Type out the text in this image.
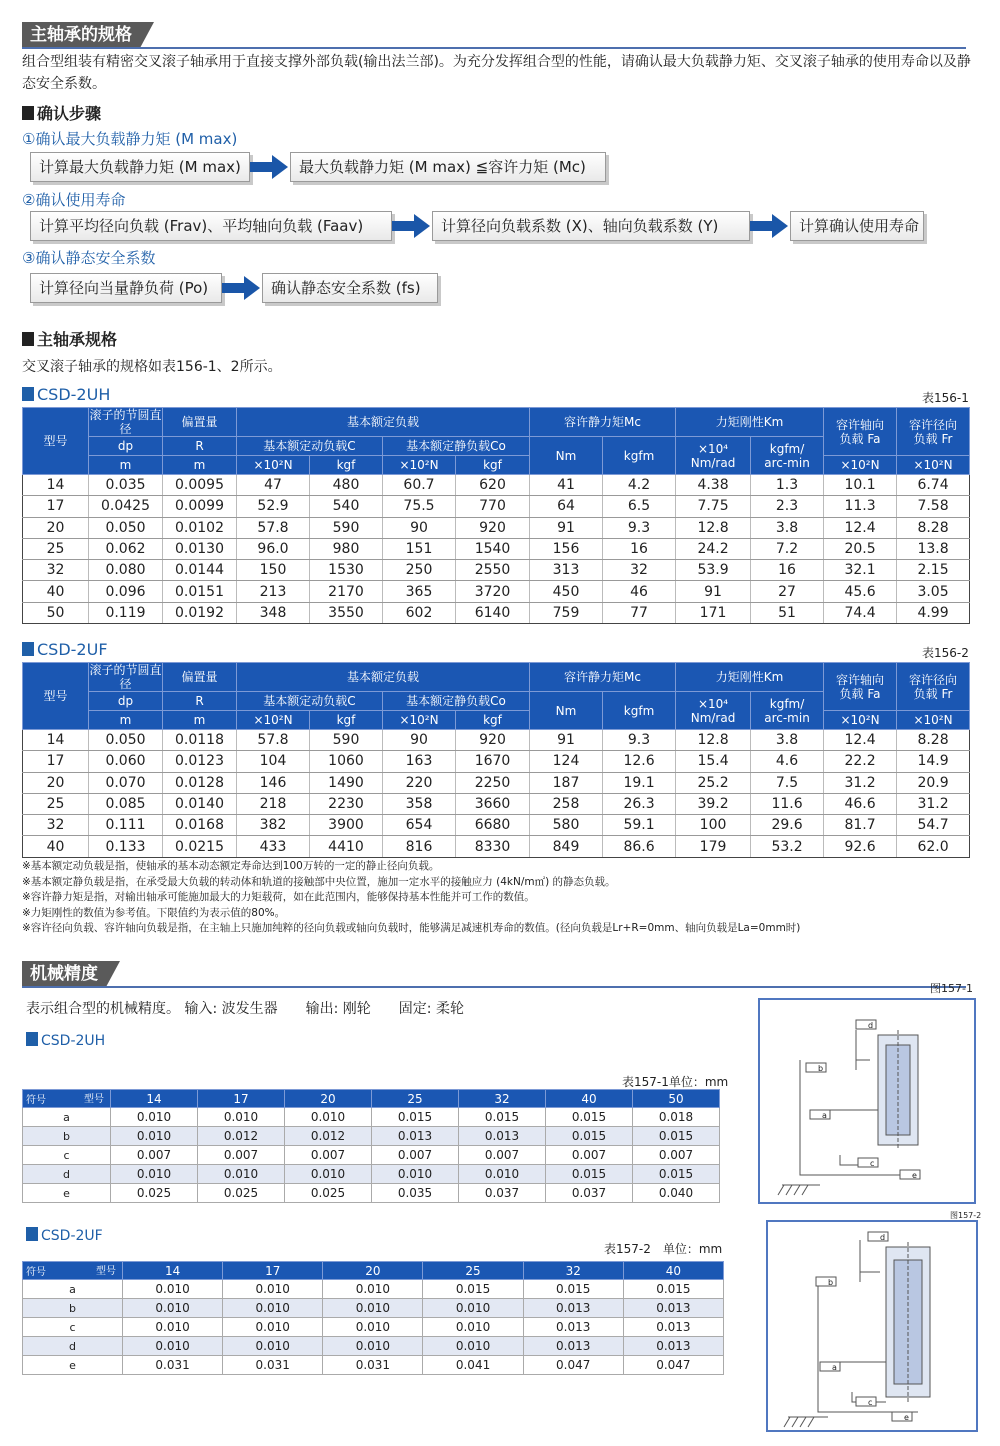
主轴承的规格
组合型组装有精密交叉滚子轴承用于直接支撑外部负载(输出法兰部)。为充分发挥组合型的性能，请确认最大负载静力矩、交叉滚子轴承的使用寿命以及静态安全系数。
确认步骤
①确认最大负载静力矩 (M max)
计算最大负载静力矩 (M max)	最大负载静力矩 (M max) ≦容许力矩 (Mc)
②确认使用寿命
计算平均径向负载 (Frav)、平均轴向负载 (Faav)	计算径向负载系数 (X)、轴向负载系数 (Y)	计算确认使用寿命
③确认静态安全系数
计算径向当量静负荷 (Po)	确认静态安全系数 (fs)
主轴承规格
交叉滚子轴承的规格如表156-1、2所示。
CSD-2UH	表156-1
型号	滚子的节圆直径	偏置量	基本额定负载				容许静力矩Mc		力矩刚性Km		容许轴向
负载 Fa	容许径向
负载 Fr
	dp	R	基本额定动负载C		基本额定静负载Co		Nm	kgfm	×10⁴
Nm/rad	kgfm/
arc-min		
	m	m	×10²N	kgf	×10²N	kgf					×10²N	×10²N
14	0.035	0.0095	47	480	60.7	620	41	4.2	4.38	1.3	10.1	6.74
17	0.0425	0.0099	52.9	540	75.5	770	64	6.5	7.75	2.3	11.3	7.58
20	0.050	0.0102	57.8	590	90	920	91	9.3	12.8	3.8	12.4	8.28
25	0.062	0.0130	96.0	980	151	1540	156	16	24.2	7.2	20.5	13.8
32	0.080	0.0144	150	1530	250	2550	313	32	53.9	16	32.1	2.15
40	0.096	0.0151	213	2170	365	3720	450	46	91	27	45.6	3.05
50	0.119	0.0192	348	3550	602	6140	759	77	171	51	74.4	4.99
CSD-2UF	表156-2
型号	滚子的节圆直径	偏置量	基本额定负载				容许静力矩Mc		力矩刚性Km		容许轴向
负载 Fa	容许径向
负载 Fr
	dp	R	基本额定动负载C		基本额定静负载Co		Nm	kgfm	×10⁴
Nm/rad	kgfm/
arc-min		
	m	m	×10²N	kgf	×10²N	kgf					×10²N	×10²N
14	0.050	0.0118	57.8	590	90	920	91	9.3	12.8	3.8	12.4	8.28
17	0.060	0.0123	104	1060	163	1670	124	12.6	15.4	4.6	22.2	14.9
20	0.070	0.0128	146	1490	220	2250	187	19.1	25.2	7.5	31.2	20.9
25	0.085	0.0140	218	2230	358	3660	258	26.3	39.2	11.6	46.6	31.2
32	0.111	0.0168	382	3900	654	6680	580	59.1	100	29.6	81.7	54.7
40	0.133	0.0215	433	4410	816	8330	849	86.6	179	53.2	92.6	62.0
※基本额定动负载是指，使轴承的基本动态额定寿命达到100万转的一定的静止径向负载。
※基本额定静负载是指，在承受最大负载的转动体和轨道的接触部中央位置，施加一定水平的接触应力 (4kN/m㎡) 的静态负载。
※容许静力矩是指，对输出轴承可能施加最大的力矩载荷，如在此范围内，能够保持基本性能并可工作的数值。
※力矩刚性的数值为参考值。下限值约为表示值的80%。
※容许径向负载、容许轴向负载是指，在主轴上只施加纯粹的径向负载或轴向负载时，能够满足减速机寿命的数值。(径向负载是Lr+R=0mm、轴向负载是La=0mm时)
机械精度
表示组合型的机械精度。 输入: 波发生器　　输出: 刚轮　　固定: 柔轮
CSD-2UH
表157-1单位：mm
符号 型号	14	17	20	25	32	40	50
a	0.010	0.010	0.010	0.015	0.015	0.015	0.018
b	0.010	0.012	0.012	0.013	0.013	0.015	0.015
c	0.007	0.007	0.007	0.007	0.007	0.007	0.007
d	0.010	0.010	0.010	0.010	0.010	0.015	0.015
e	0.025	0.025	0.025	0.035	0.037	0.037	0.040
CSD-2UF
表157-2　单位：mm
符号 型号	14	17	20	25	32	40
a	0.010	0.010	0.010	0.015	0.015	0.015
b	0.010	0.010	0.010	0.010	0.013	0.013
c	0.010	0.010	0.010	0.010	0.013	0.013
d	0.010	0.010	0.010	0.010	0.013	0.013
e	0.031	0.031	0.031	0.041	0.047	0.047
图157-1
d
b
a
c
e
图157-2
d
b
a
c
e
